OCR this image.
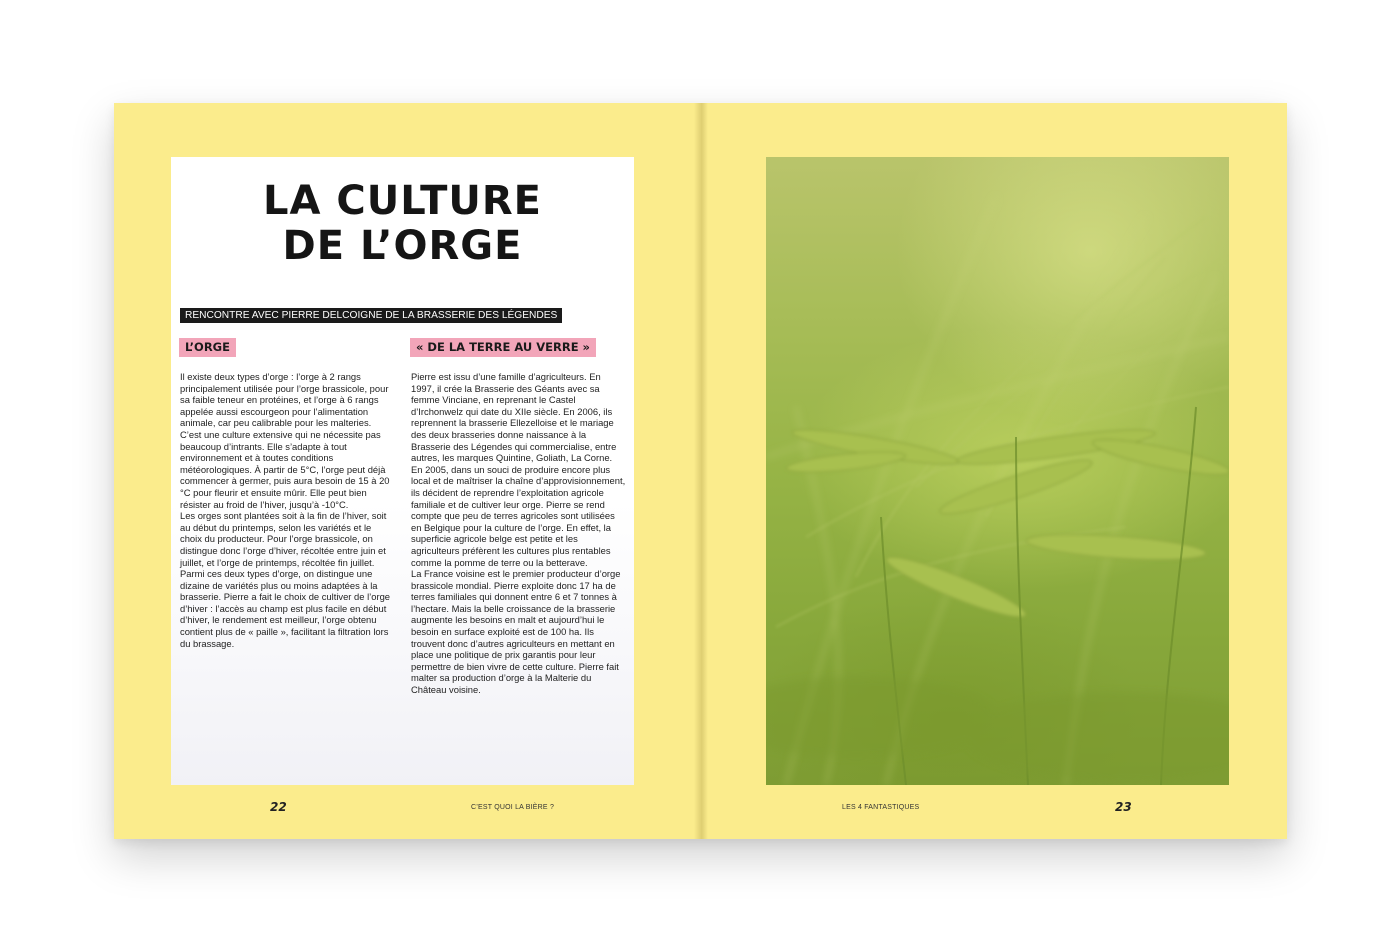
LA CULTURE
DE L’ORGE
RENCONTRE AVEC PIERRE DELCOIGNE DE LA BRASSERIE DES LÉGENDES
L’ORGE	« DE LA TERRE AU VERRE »

Il existe deux types d’orge : l’orge à 2 rangs principalement utilisée pour l’orge brassicole, pour sa faible teneur en protéines, et l’orge à 6 rangs appelée aussi escourgeon pour l’alimentation animale, car peu calibrable pour les malteries.

C’est une culture extensive qui ne nécessite pas beaucoup d’intrants. Elle s’adapte à tout environnement et à toutes conditions météorologiques. À partir de 5°C, l’orge peut déjà commencer à germer, puis aura besoin de 15 à 20 °C pour fleurir et ensuite mûrir. Elle peut bien résister au froid de l’hiver, jusqu’à -10°C.

Les orges sont plantées soit à la fin de l’hiver, soit au début du printemps, selon les variétés et le choix du producteur. Pour l’orge brassicole, on distingue donc l’orge d’hiver, récoltée entre juin et juillet, et l’orge de printemps, récoltée fin juillet. Parmi ces deux types d’orge, on distingue une dizaine de variétés plus ou moins adaptées à la brasserie. Pierre a fait le choix de cultiver de l’orge d’hiver : l’accès au champ est plus facile en début d’hiver, le rendement est meilleur, l’orge obtenu contient plus de « paille », facilitant la filtration lors du brassage.

Pierre est issu d’une famille d’agriculteurs. En 1997, il crée la Brasserie des Géants avec sa femme Vinciane, en reprenant le Castel d’Irchonwelz qui date du XIIe siècle. En 2006, ils reprennent la brasserie Ellezelloise et le mariage des deux brasseries donne naissance à la Brasserie des Légendes qui commercialise, entre autres, les marques Quintine, Goliath, La Corne.

En 2005, dans un souci de produire encore plus local et de maîtriser la chaîne d’approvisionnement, ils décident de reprendre l’exploitation agricole familiale et de cultiver leur orge. Pierre se rend compte que peu de terres agricoles sont utilisées en Belgique pour la culture de l’orge. En effet, la superficie agricole belge est petite et les agriculteurs préfèrent les cultures plus rentables comme la pomme de terre ou la betterave.

La France voisine est le premier producteur d’orge brassicole mondial. Pierre exploite donc 17 ha de terres familiales qui donnent entre 6 et 7 tonnes à l’hectare. Mais la belle croissance de la brasserie augmente les besoins en malt et aujourd’hui le besoin en surface exploité est de 100 ha. Ils trouvent donc d’autres agriculteurs en mettant en place une politique de prix garantis pour leur permettre de bien vivre de cette culture. Pierre fait malter sa production d’orge à la Malterie du Château voisine.

22	C’EST QUOI LA BIÈRE ?	LES 4 FANTASTIQUES	23
